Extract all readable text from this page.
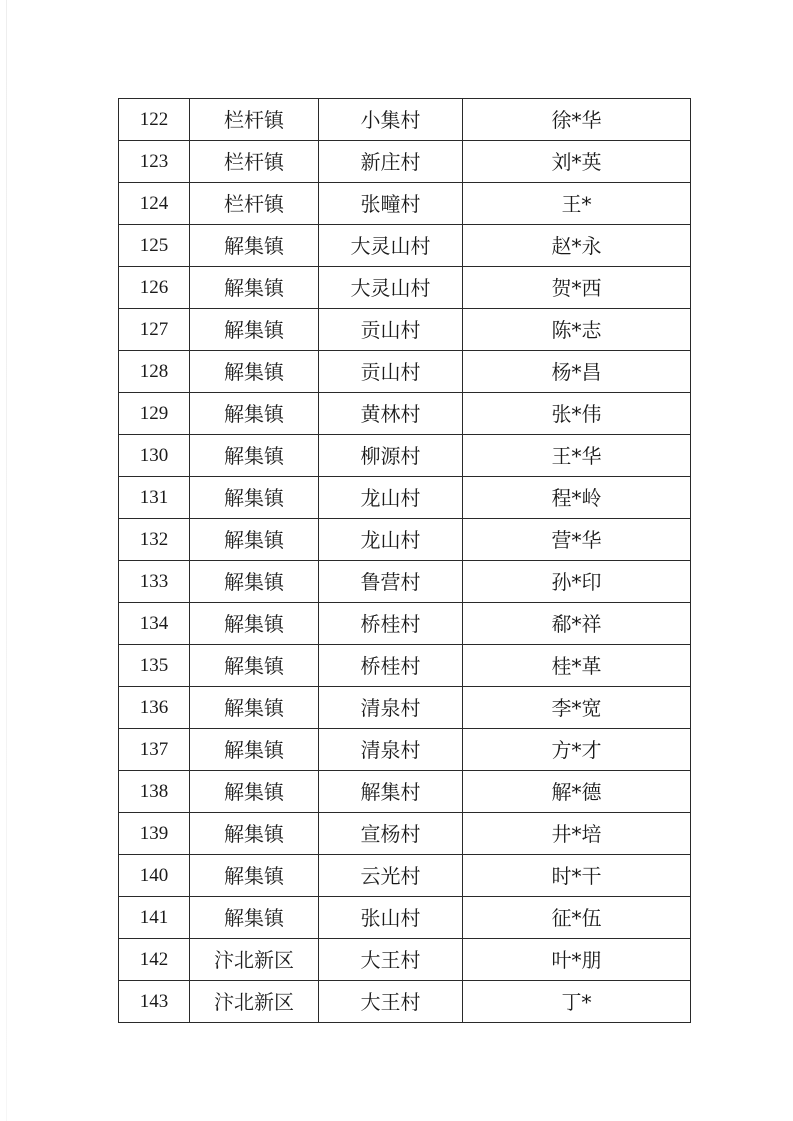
122	栏杆镇	小集村	徐*华
123	栏杆镇	新庄村	刘*英
124	栏杆镇	张疃村	王*
125	解集镇	大灵山村	赵*永
126	解集镇	大灵山村	贺*西
127	解集镇	贡山村	陈*志
128	解集镇	贡山村	杨*昌
129	解集镇	黄林村	张*伟
130	解集镇	柳源村	王*华
131	解集镇	龙山村	程*岭
132	解集镇	龙山村	营*华
133	解集镇	鲁营村	孙*印
134	解集镇	桥桂村	郗*祥
135	解集镇	桥桂村	桂*革
136	解集镇	清泉村	李*宽
137	解集镇	清泉村	方*才
138	解集镇	解集村	解*德
139	解集镇	宣杨村	井*培
140	解集镇	云光村	时*干
141	解集镇	张山村	征*伍
142	汴北新区	大王村	叶*朋
143	汴北新区	大王村	丁*
